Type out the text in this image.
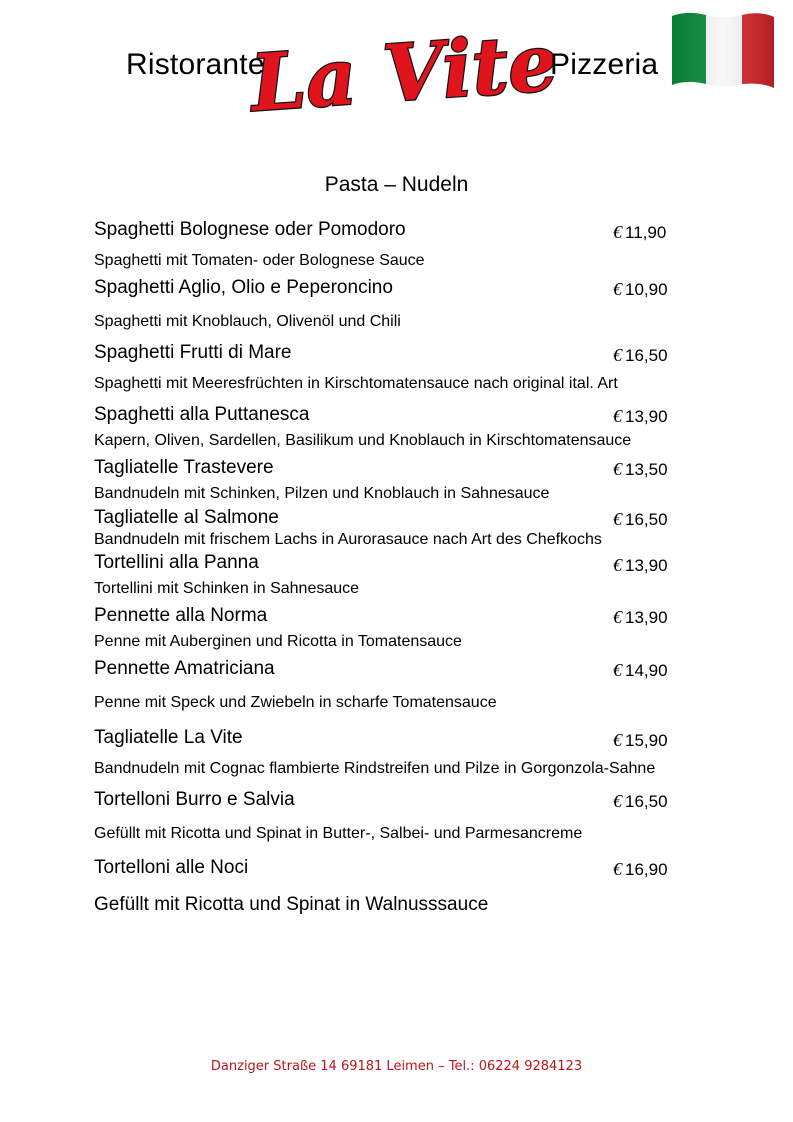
Ristorante
La Vite
Pizzeria
Pasta – Nudeln
Spaghetti Bolognese oder Pomodoro	€ 11,90
Spaghetti mit Tomaten- oder Bolognese Sauce
Spaghetti Aglio, Olio e Peperoncino	€ 10,90
Spaghetti mit Knoblauch, Olivenöl und Chili
Spaghetti Frutti di Mare	€ 16,50
Spaghetti mit Meeresfrüchten in Kirschtomatensauce nach original ital. Art
Spaghetti alla Puttanesca	€ 13,90
Kapern, Oliven, Sardellen, Basilikum und Knoblauch in Kirschtomatensauce
Tagliatelle Trastevere	€ 13,50
Bandnudeln mit Schinken, Pilzen und Knoblauch in Sahnesauce
Tagliatelle al Salmone	€ 16,50
Bandnudeln mit frischem Lachs in Aurorasauce nach Art des Chefkochs
Tortellini alla Panna	€ 13,90
Tortellini mit Schinken in Sahnesauce
Pennette alla Norma	€ 13,90
Penne mit Auberginen und Ricotta in Tomatensauce
Pennette Amatriciana	€ 14,90
Penne mit Speck und Zwiebeln in scharfe Tomatensauce
Tagliatelle La Vite	€ 15,90
Bandnudeln mit Cognac flambierte Rindstreifen und Pilze in Gorgonzola-Sahne
Tortelloni Burro e Salvia	€ 16,50
Gefüllt mit Ricotta und Spinat in Butter-, Salbei- und Parmesancreme
Tortelloni alle Noci	€ 16,90
Gefüllt mit Ricotta und Spinat in Walnusssauce
Danziger Straße 14 69181 Leimen – Tel.: 06224 9284123
